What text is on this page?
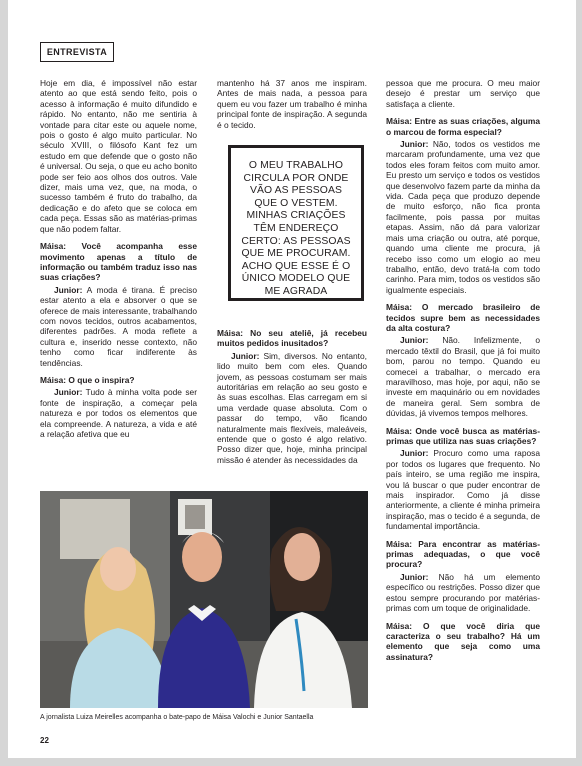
ENTREVISTA

Hoje em dia, é impossível não estar atento ao que está sendo feito, pois o acesso à informação é muito difundido e rápido. No entanto, não me sentiria à vontade para citar este ou aquele nome, pois o gosto é algo muito particular. No século XVIII, o filósofo Kant fez um estudo em que defende que o gosto não é universal. Ou seja, o que eu acho bonito pode ser feio aos olhos dos outros. Vale dizer, mais uma vez, que, na moda, o sucesso também é fruto do trabalho, da dedicação e do afeto que se coloca em cada peça. Essas são as matérias-primas que não podem faltar.

Máisa: Você acompanha esse movimento apenas a título de informação ou também traduz isso nas suas criações?

Junior: A moda é tirana. É preciso estar atento a ela e absorver o que se oferece de mais interessante, trabalhando com novos tecidos, outros acabamentos, diferentes padrões. A moda reflete a cultura e, inserido nesse contexto, não tenho como ficar indiferente às tendências.

Máisa: O que o inspira?

Junior: Tudo à minha volta pode ser fonte de inspiração, a começar pela natureza e por todos os elementos que ela compreende. A natureza, a vida e até a relação afetiva que eu

mantenho há 37 anos me inspiram. Antes de mais nada, a pessoa para quem eu vou fazer um trabalho é minha principal fonte de inspiração. A segunda é o tecido.

O MEU TRABALHO CIRCULA POR ONDE VÃO AS PESSOAS QUE O VESTEM. MINHAS CRIAÇÕES TÊM ENDEREÇO CERTO: AS PESSOAS QUE ME PROCURAM. ACHO QUE ESSE É O ÚNICO MODELO QUE ME AGRADA

Máisa: No seu ateliê, já recebeu muitos pedidos inusitados?

Junior: Sim, diversos. No entanto, lido muito bem com eles. Quando jovem, as pessoas costumam ser mais autoritárias em relação ao seu gosto e às suas escolhas. Elas carregam em si uma verdade quase absoluta. Com o passar do tempo, vão ficando naturalmente mais flexíveis, maleáveis, entende que o gosto é algo relativo. Posso dizer que, hoje, minha principal missão é atender às necessidades da

pessoa que me procura. O meu maior desejo é prestar um serviço que satisfaça a cliente.

Máisa: Entre as suas criações, alguma o marcou de forma especial?

Junior: Não, todos os vestidos me marcaram profundamente, uma vez que todos eles foram feitos com muito amor. Eu presto um serviço e todos os vestidos que desenvolvo fazem parte da minha da vida. Cada peça que produzo depende de muito esforço, não fica pronta facilmente, pois passa por muitas etapas. Assim, não dá para valorizar mais uma criação ou outra, até porque, quando uma cliente me procura, já recebo isso como um elogio ao meu trabalho, então, devo tratá-la com todo carinho. Para mim, todos os vestidos são igualmente especiais.

Máisa: O mercado brasileiro de tecidos supre bem as necessidades da alta costura?

Junior: Não. Infelizmente, o mercado têxtil do Brasil, que já foi muito bom, parou no tempo. Quando eu comecei a trabalhar, o mercado era maravilhoso, mas hoje, por aqui, não se investe em maquinário ou em novidades de maneira geral. Sem sombra de dúvidas, já vivemos tempos melhores.

Máisa: Onde você busca as matérias-primas que utiliza nas suas criações?

Junior: Procuro como uma raposa por todos os lugares que frequento. No país inteiro, se uma região me inspira, vou lá buscar o que puder encontrar de mais inspirador. Como já disse anteriormente, a cliente é minha primeira inspiração, mas o tecido é a segunda, de fundamental importância.

Máisa: Para encontrar as matérias-primas adequadas, o que você procura?

Junior: Não há um elemento específico ou restrições. Posso dizer que estou sempre procurando por matérias-primas com um toque de originalidade.

Máisa: O que você diria que caracteriza o seu trabalho? Há um elemento que seja como uma assinatura?

A jornalista Luiza Meirelles acompanha o bate-papo de Máisa Valochi e Junior Santaella
22
